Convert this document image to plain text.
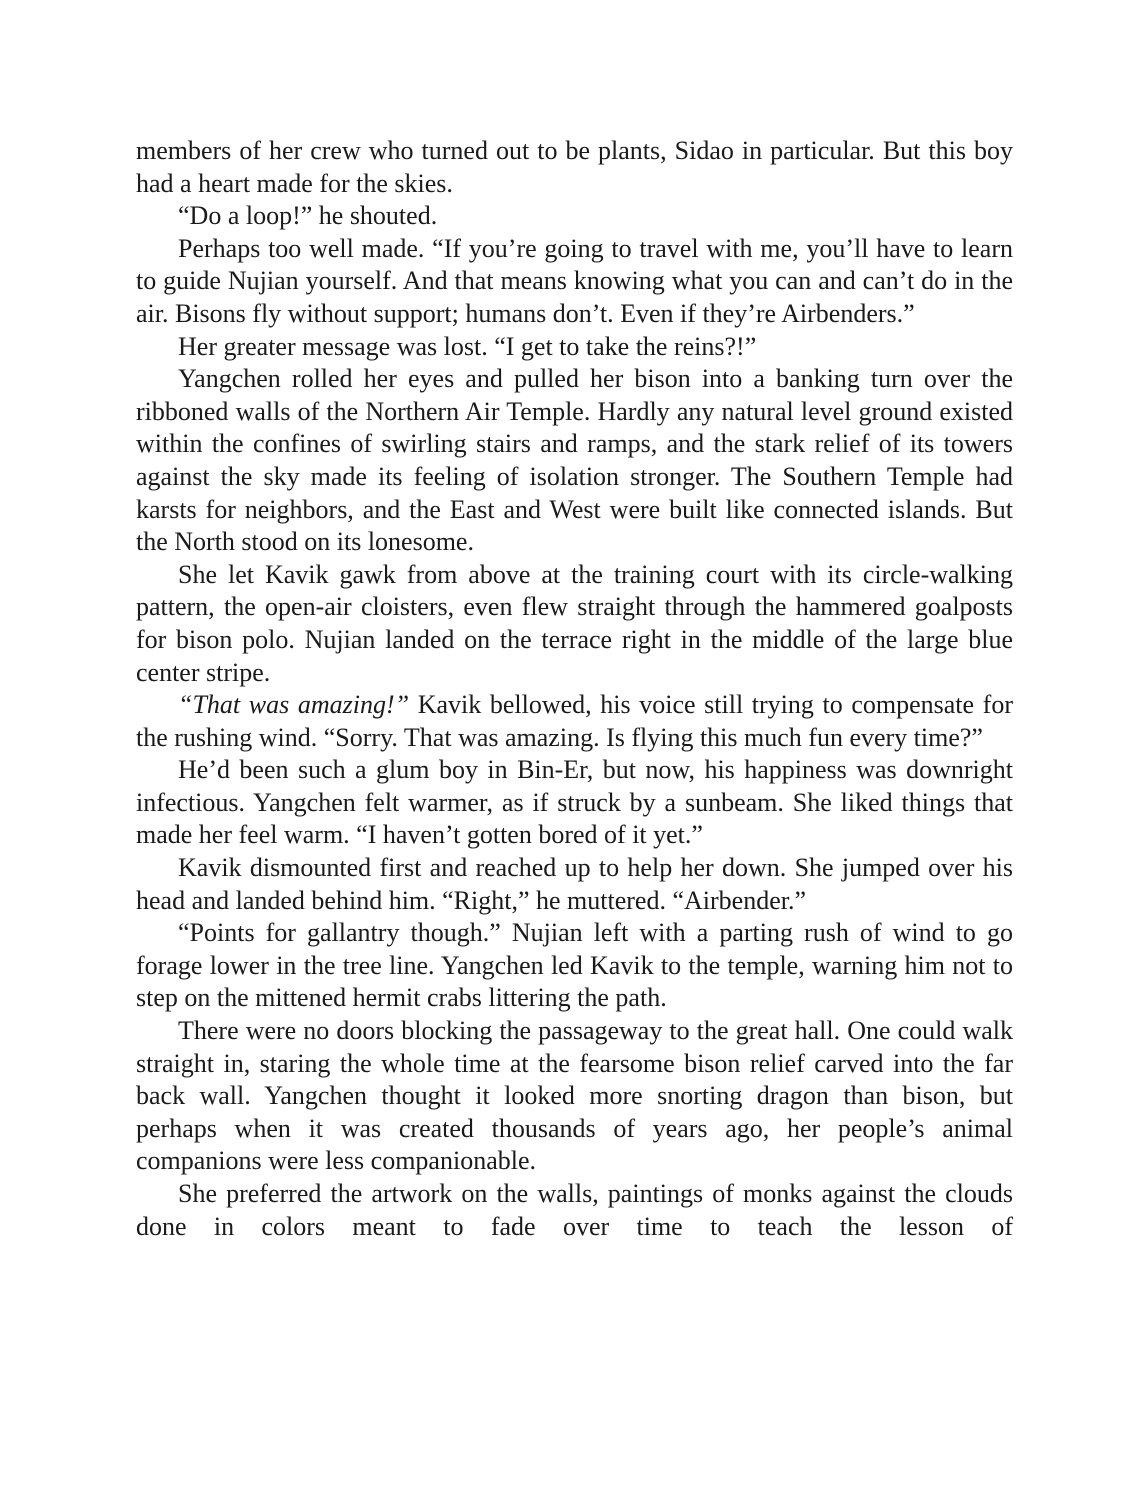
members of her crew who turned out to be plants, Sidao in particular. But this boy had a heart made for the skies.

“Do a loop!” he shouted.

Perhaps too well made. “If you’re going to travel with me, you’ll have to learn to guide Nujian yourself. And that means knowing what you can and can’t do in the air. Bisons fly without support; humans don’t. Even if they’re Airbenders.”

Her greater message was lost. “I get to take the reins?!”

Yangchen rolled her eyes and pulled her bison into a banking turn over the ribboned walls of the Northern Air Temple. Hardly any natural level ground existed within the confines of swirling stairs and ramps, and the stark relief of its towers against the sky made its feeling of isolation stronger. The Southern Temple had karsts for neighbors, and the East and West were built like connected islands. But the North stood on its lonesome.

She let Kavik gawk from above at the training court with its circle-walking pattern, the open-air cloisters, even flew straight through the hammered goalposts for bison polo. Nujian landed on the terrace right in the middle of the large blue center stripe.

“That was amazing!” Kavik bellowed, his voice still trying to compensate for the rushing wind. “Sorry. That was amazing. Is flying this much fun every time?”

He’d been such a glum boy in Bin-Er, but now, his happiness was downright infectious. Yangchen felt warmer, as if struck by a sunbeam. She liked things that made her feel warm. “I haven’t gotten bored of it yet.”

Kavik dismounted first and reached up to help her down. She jumped over his head and landed behind him. “Right,” he muttered. “Airbender.”

“Points for gallantry though.” Nujian left with a parting rush of wind to go forage lower in the tree line. Yangchen led Kavik to the temple, warning him not to step on the mittened hermit crabs littering the path.

There were no doors blocking the passageway to the great hall. One could walk straight in, staring the whole time at the fearsome bison relief carved into the far back wall. Yangchen thought it looked more snorting dragon than bison, but perhaps when it was created thousands of years ago, her people’s animal companions were less companionable.

She preferred the artwork on the walls, paintings of monks against the clouds done in colors meant to fade over time to teach the lesson of
